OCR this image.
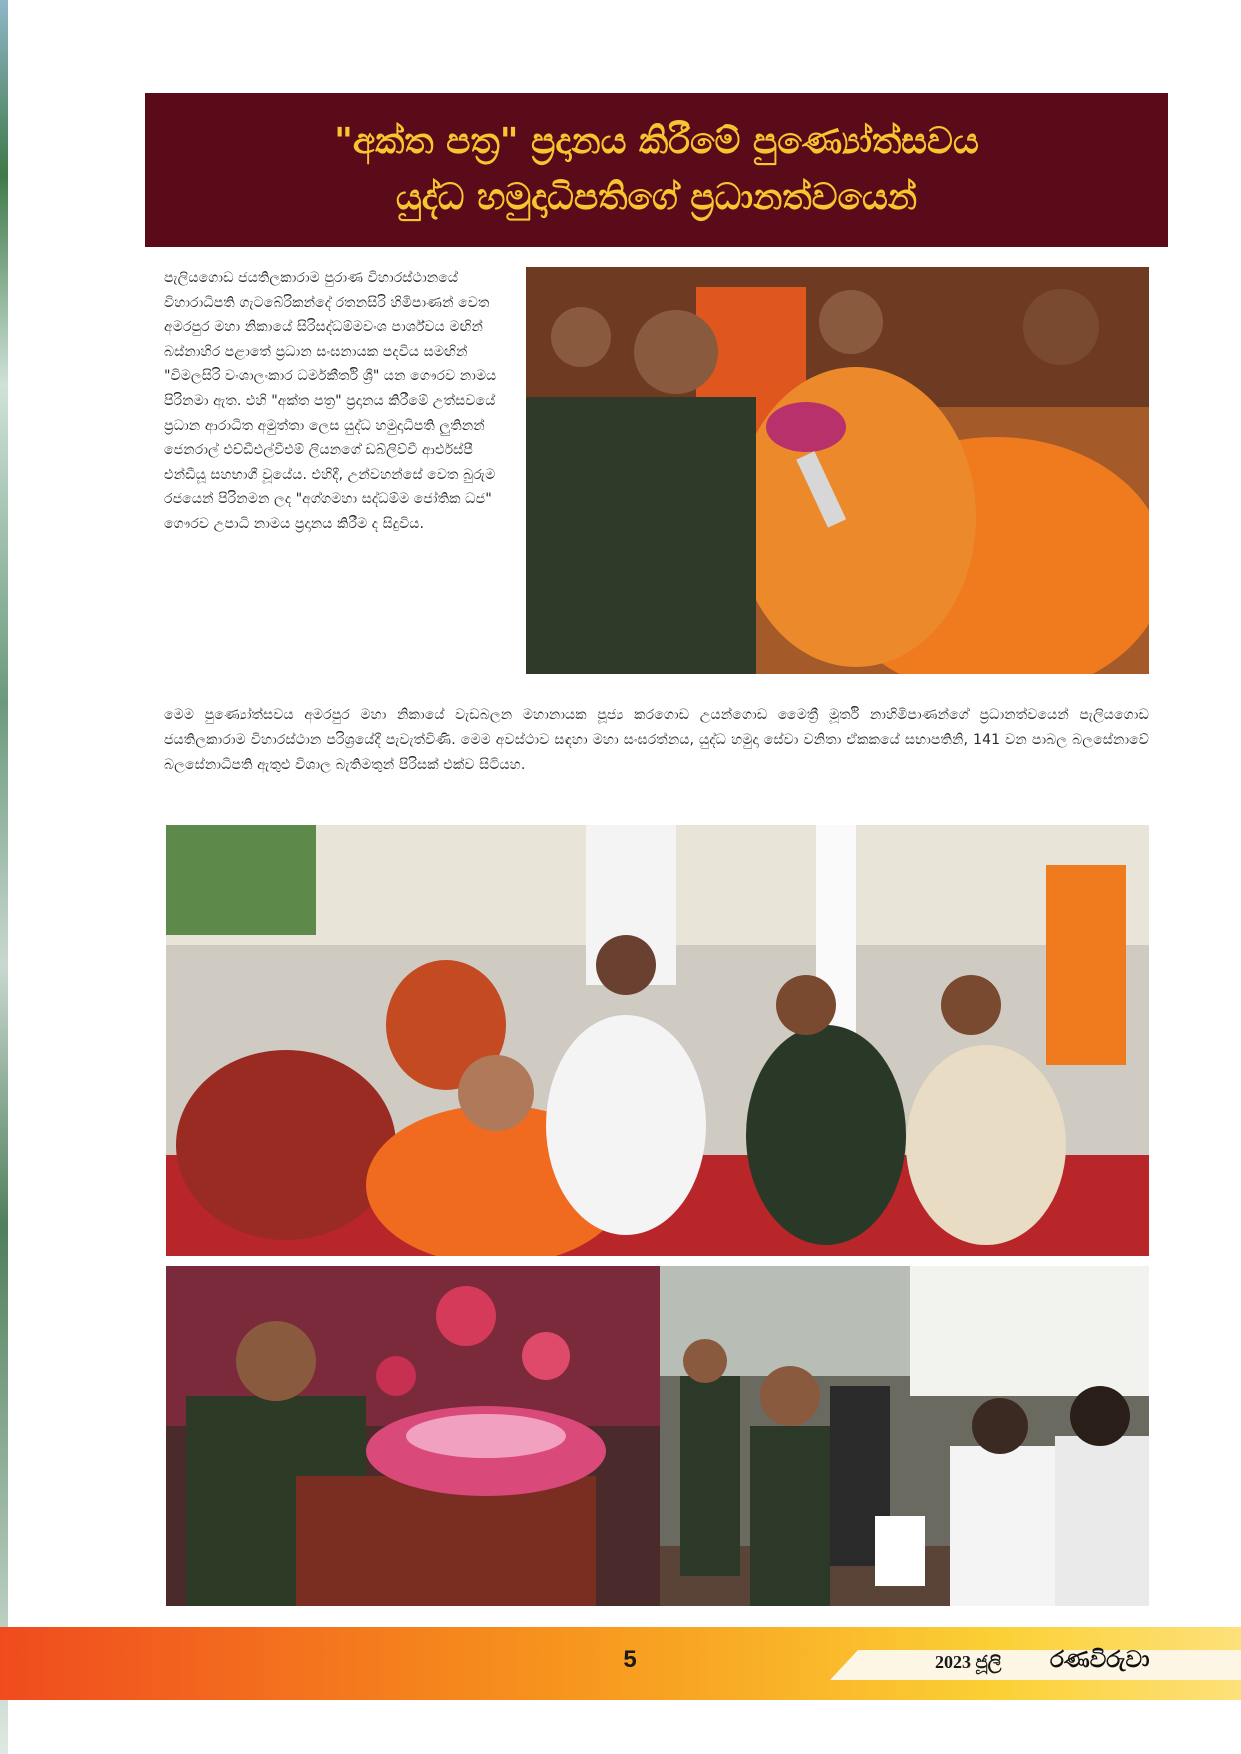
"අක්ත පත්‍ර" ප්‍රදානය කිරීමේ පුණ්‍යෝත්සවය
යුද්ධ හමුදාධිපතිගේ ප්‍රධානත්වයෙන්

පැලියගොඩ ජයතිලකාරාම පුරාණ විහාරස්ථානයේ විහාරාධිපති ගැටබේරිකන්දේ රතනසිරි හිමිපාණන් වෙත අමරපුර මහා නිකායේ සිරිසද්ධම්මවංශ පාර්ශ්වය මඟින් බස්නාහිර පළාතේ ප්‍රධාන සංඝනායක පදවිය සමඟින් "විමලසිරි වංශාලංකාර ධර්මකීර්ති ශ්‍රී" යන ගෞරව නාමය පිරිනමා ඇත. එහි "අක්ත පත්‍ර" ප්‍රදානය කිරීමේ උත්සවයේ ප්‍රධාන ආරාධිත අමුත්තා ලෙස යුද්ධ හමුදාධිපති ලුතිනන් ජෙනරාල් එච්ඩීඑල්වීඑම් ලියනගේ ඩබ්ලිව්වී ආර්එස්පී එන්ඩීයූ සහභාගී වූයේය. එහිදී, උන්වහන්සේ වෙත බුරුම රජයෙන් පිරිනමන ලද "අග්ගමහා සද්ධම්ම ජෝතික ධජ" ගෞරව උපාධි නාමය ප්‍රදානය කිරීම ද සිදුවිය.

මෙම පුණ්‍යෝත්සවය අමරපුර මහා නිකායේ වැඩබලන මහානායක පූජ්‍ය කරගොඩ උයන්ගොඩ මෛත්‍රී මූර්ති නාහිමිපාණන්ගේ ප්‍රධානත්වයෙන් පැලියගොඩ ජයතිලකාරාම විහාරස්ථාන පරිශ්‍රයේදී පැවැත්විණි. මෙම අවස්ථාව සඳහා මහා සංඝරත්නය, යුද්ධ හමුදා සේවා වනිතා ඒකකයේ සභාපතිනි, 141 වන පාබල බලසේනාවේ බලසේනාධිපති ඇතුළු විශාල බැතිමතුන් පිරිසක් එක්ව සිටියහ.

5	2023 ජූලි රණවිරුවා
